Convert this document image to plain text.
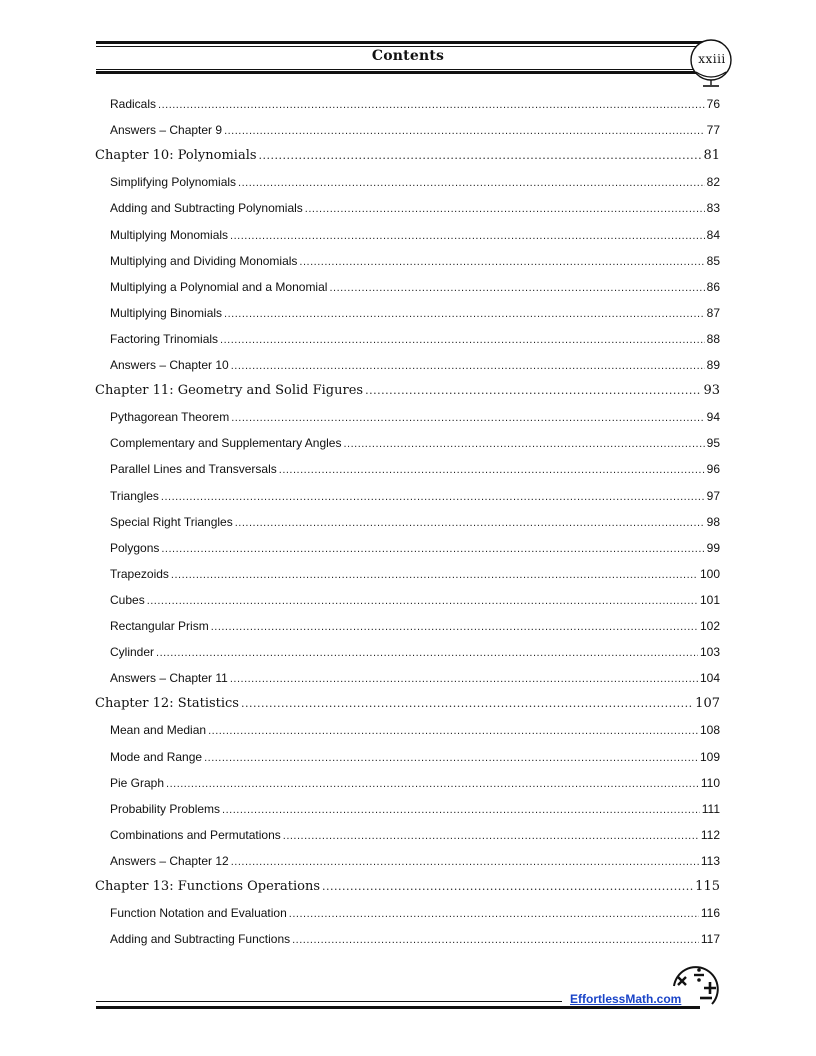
Contents	xxiii
Radicals .....	76
Answers – Chapter 9 .....	77
Chapter 10: Polynomials .....	81
Simplifying Polynomials .....	82
Adding and Subtracting Polynomials .....	83
Multiplying Monomials .....	84
Multiplying and Dividing Monomials .....	85
Multiplying a Polynomial and a Monomial .....	86
Multiplying Binomials .....	87
Factoring Trinomials .....	88
Answers – Chapter 10 .....	89
Chapter 11: Geometry and Solid Figures .....	93
Pythagorean Theorem .....	94
Complementary and Supplementary Angles .....	95
Parallel Lines and Transversals .....	96
Triangles .....	97
Special Right Triangles .....	98
Polygons .....	99
Trapezoids .....	100
Cubes .....	101
Rectangular Prism .....	102
Cylinder .....	103
Answers – Chapter 11 .....	104
Chapter 12: Statistics .....	107
Mean and Median .....	108
Mode and Range .....	109
Pie Graph .....	110
Probability Problems .....	111
Combinations and Permutations .....	112
Answers – Chapter 12 .....	113
Chapter 13: Functions Operations .....	115
Function Notation and Evaluation .....	116
Adding and Subtracting Functions .....	117
EffortlessMath.com
